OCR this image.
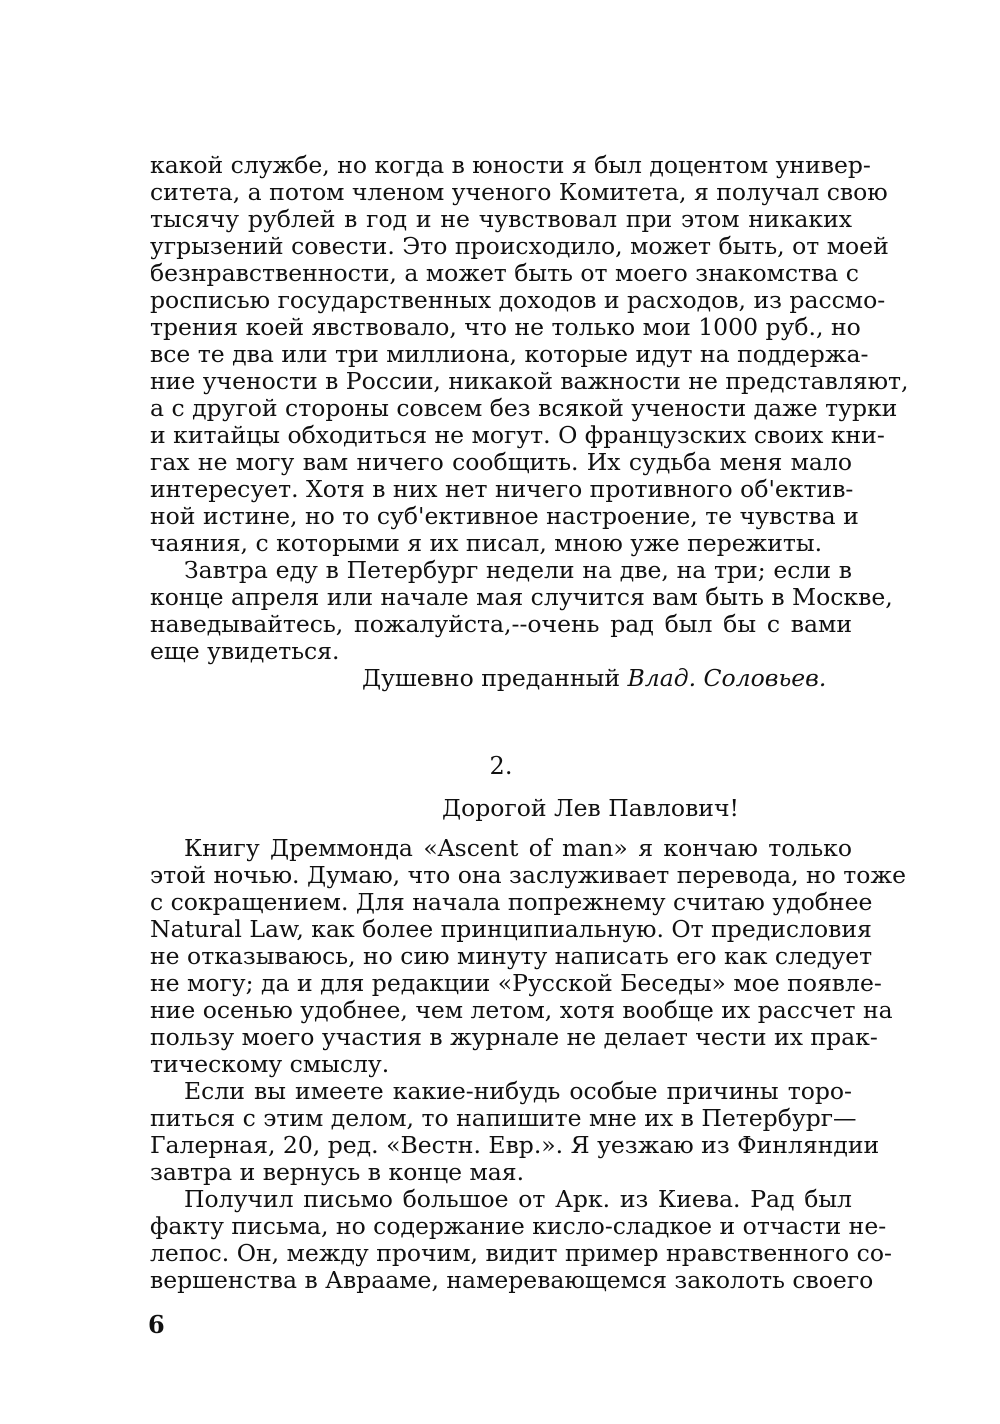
какой службе, но когда в юности я был доцентом универ-
ситета, а потом членом ученого Комитета, я получал свою
тысячу рублей в год и не чувствовал при этом никаких
угрызений совести. Это происходило, может быть, от моей
безнравственности, а может быть от моего знакомства с
росписью государственных доходов и расходов, из рассмо-
трения коей явствовало, что не только мои 1000 руб., но
все те два или три миллиона, которые идут на поддержа-
ние учености в России, никакой важности не представляют,
а с другой стороны совсем без всякой учености даже турки
и китайцы обходиться не могут. О французских своих кни-
гах не могу вам ничего сообщить. Их судьба меня мало
интересует. Хотя в них нет ничего противного об'ектив-
ной истине, но то суб'ективное настроение, те чувства и
чаяния, с которыми я их писал, мною уже пережиты.
Завтра еду в Петербург недели на две, на три; если в
конце апреля или начале мая случится вам быть в Москве,
наведывайтесь, пожалуйста,--очень рад был бы с вами
еще увидеться.
Душевно преданный Влад. Соловьев.
2.
Дорогой Лев Павлович!
Книгу Дреммонда «Ascent of man» я кончаю только
этой ночью. Думаю, что она заслуживает перевода, но тоже
с сокращением. Для начала попрежнему считаю удобнее
Natural Law, как более принципиальную. От предисловия
не отказываюсь, но сию минуту написать его как следует
не могу; да и для редакции «Русской Беседы» мое появле-
ние осенью удобнее, чем летом, хотя вообще их рассчет на
пользу моего участия в журнале не делает чести их прак-
тическому смыслу.
Если вы имеете какие-нибудь особые причины торо-
питься с этим делом, то напишите мне их в Петербург—
Галерная, 20, ред. «Вестн. Евр.». Я уезжаю из Финляндии
завтра и вернусь в конце мая.
Получил письмо большое от Арк. из Киева. Рад был
факту письма, но содержание кисло-сладкое и отчасти не-
лепос. Он, между прочим, видит пример нравственного со-
вершенства в Аврааме, намеревающемся заколоть своего
6
